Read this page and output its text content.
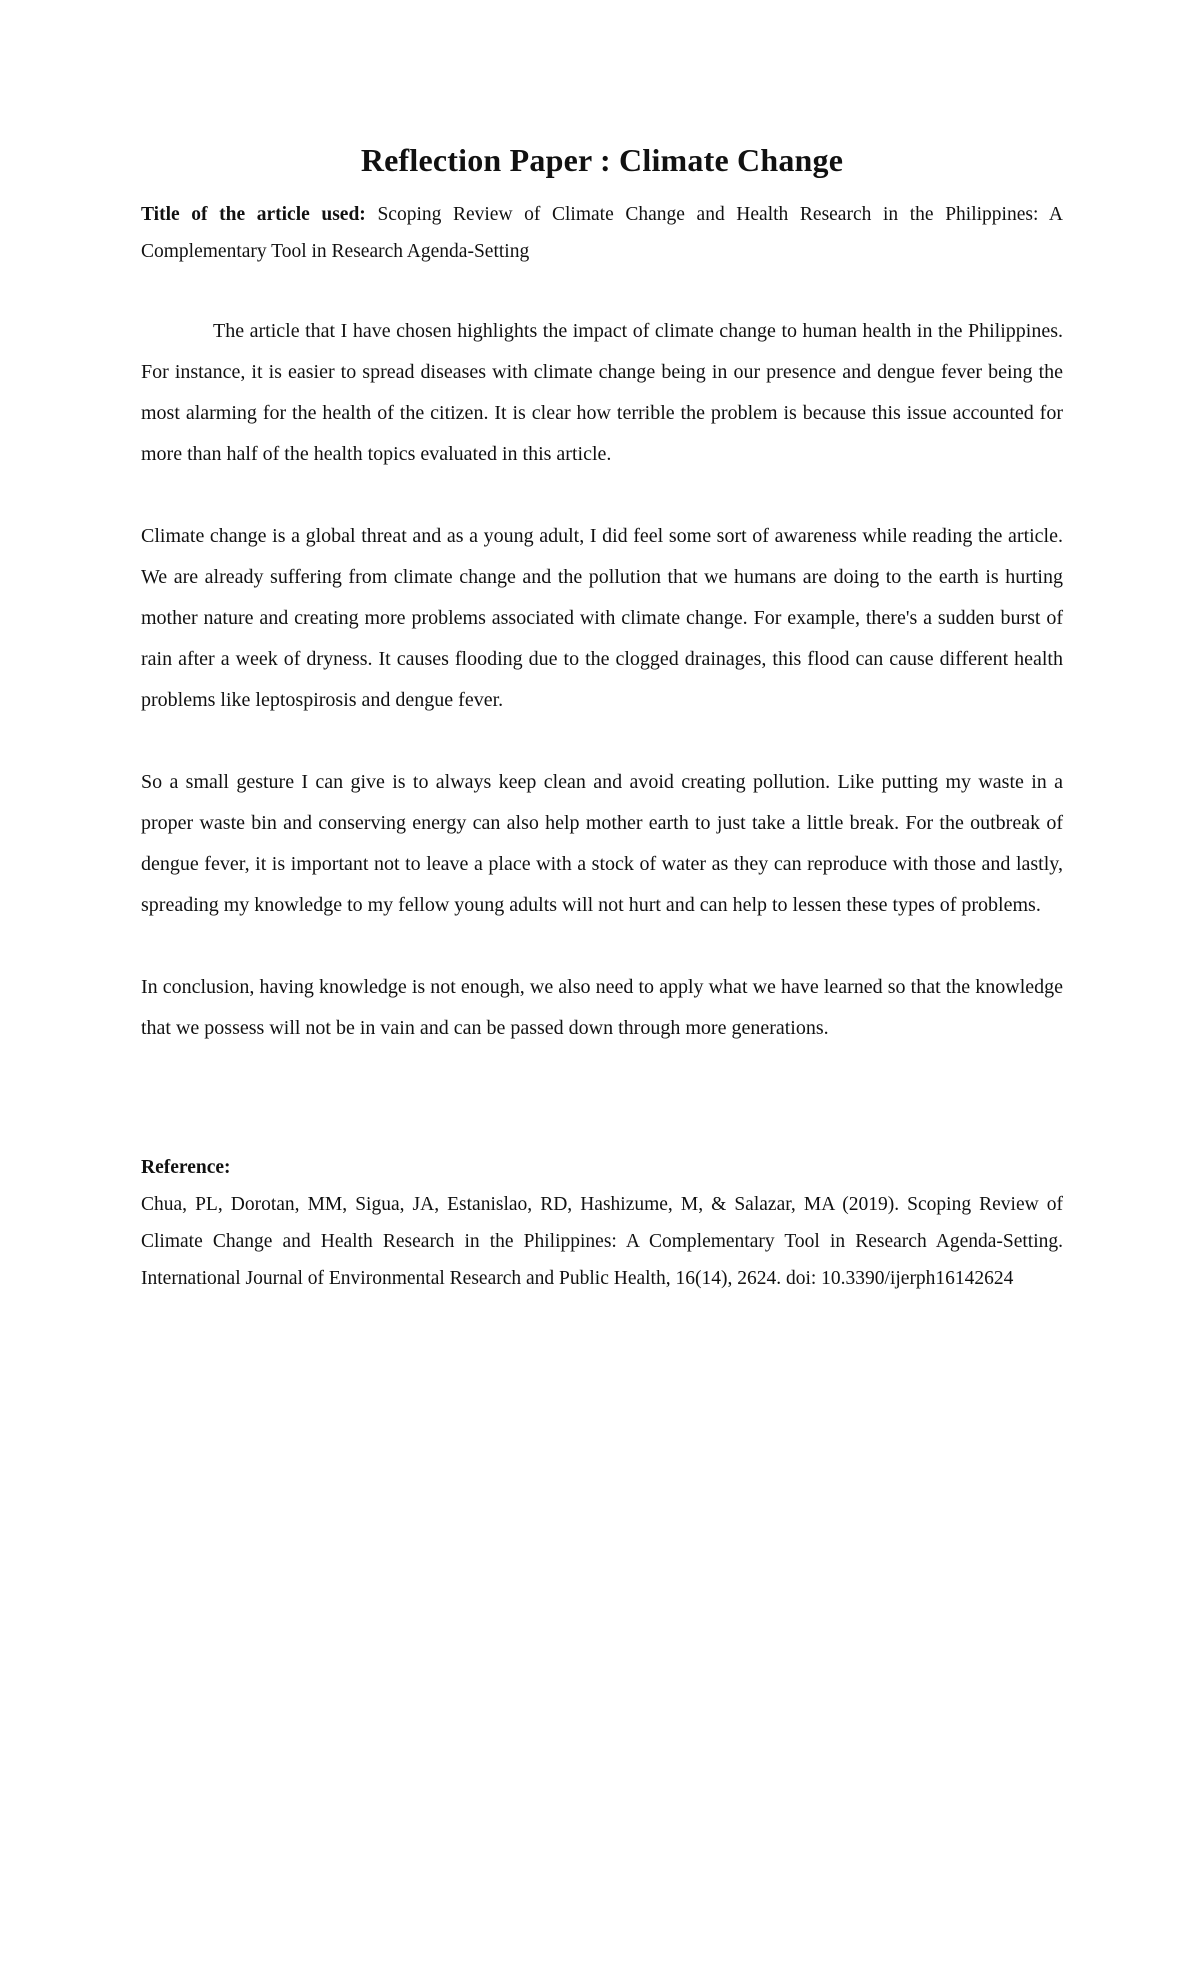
Reflection Paper : Climate Change

Title of the article used: Scoping Review of Climate Change and Health Research in the Philippines: A Complementary Tool in Research Agenda-Setting

The article that I have chosen highlights the impact of climate change to human health in the Philippines. For instance, it is easier to spread diseases with climate change being in our presence and dengue fever being the most alarming for the health of the citizen. It is clear how terrible the problem is because this issue accounted for more than half of the health topics evaluated in this article.

Climate change is a global threat and as a young adult, I did feel some sort of awareness while reading the article. We are already suffering from climate change and the pollution that we humans are doing to the earth is hurting mother nature and creating more problems associated with climate change. For example, there's a sudden burst of rain after a week of dryness. It causes flooding due to the clogged drainages, this flood can cause different health problems like leptospirosis and dengue fever.

So a small gesture I can give is to always keep clean and avoid creating pollution. Like putting my waste in a proper waste bin and conserving energy can also help mother earth to just take a little break. For the outbreak of dengue fever, it is important not to leave a place with a stock of water as they can reproduce with those and lastly, spreading my knowledge to my fellow young adults will not hurt and can help to lessen these types of problems.

In conclusion, having knowledge is not enough, we also need to apply what we have learned so that the knowledge that we possess will not be in vain and can be passed down through more generations.

Reference:

Chua, PL, Dorotan, MM, Sigua, JA, Estanislao, RD, Hashizume, M, & Salazar, MA (2019). Scoping Review of Climate Change and Health Research in the Philippines: A Complementary Tool in Research Agenda-Setting. International Journal of Environmental Research and Public Health, 16(14), 2624. doi: 10.3390/ijerph16142624
